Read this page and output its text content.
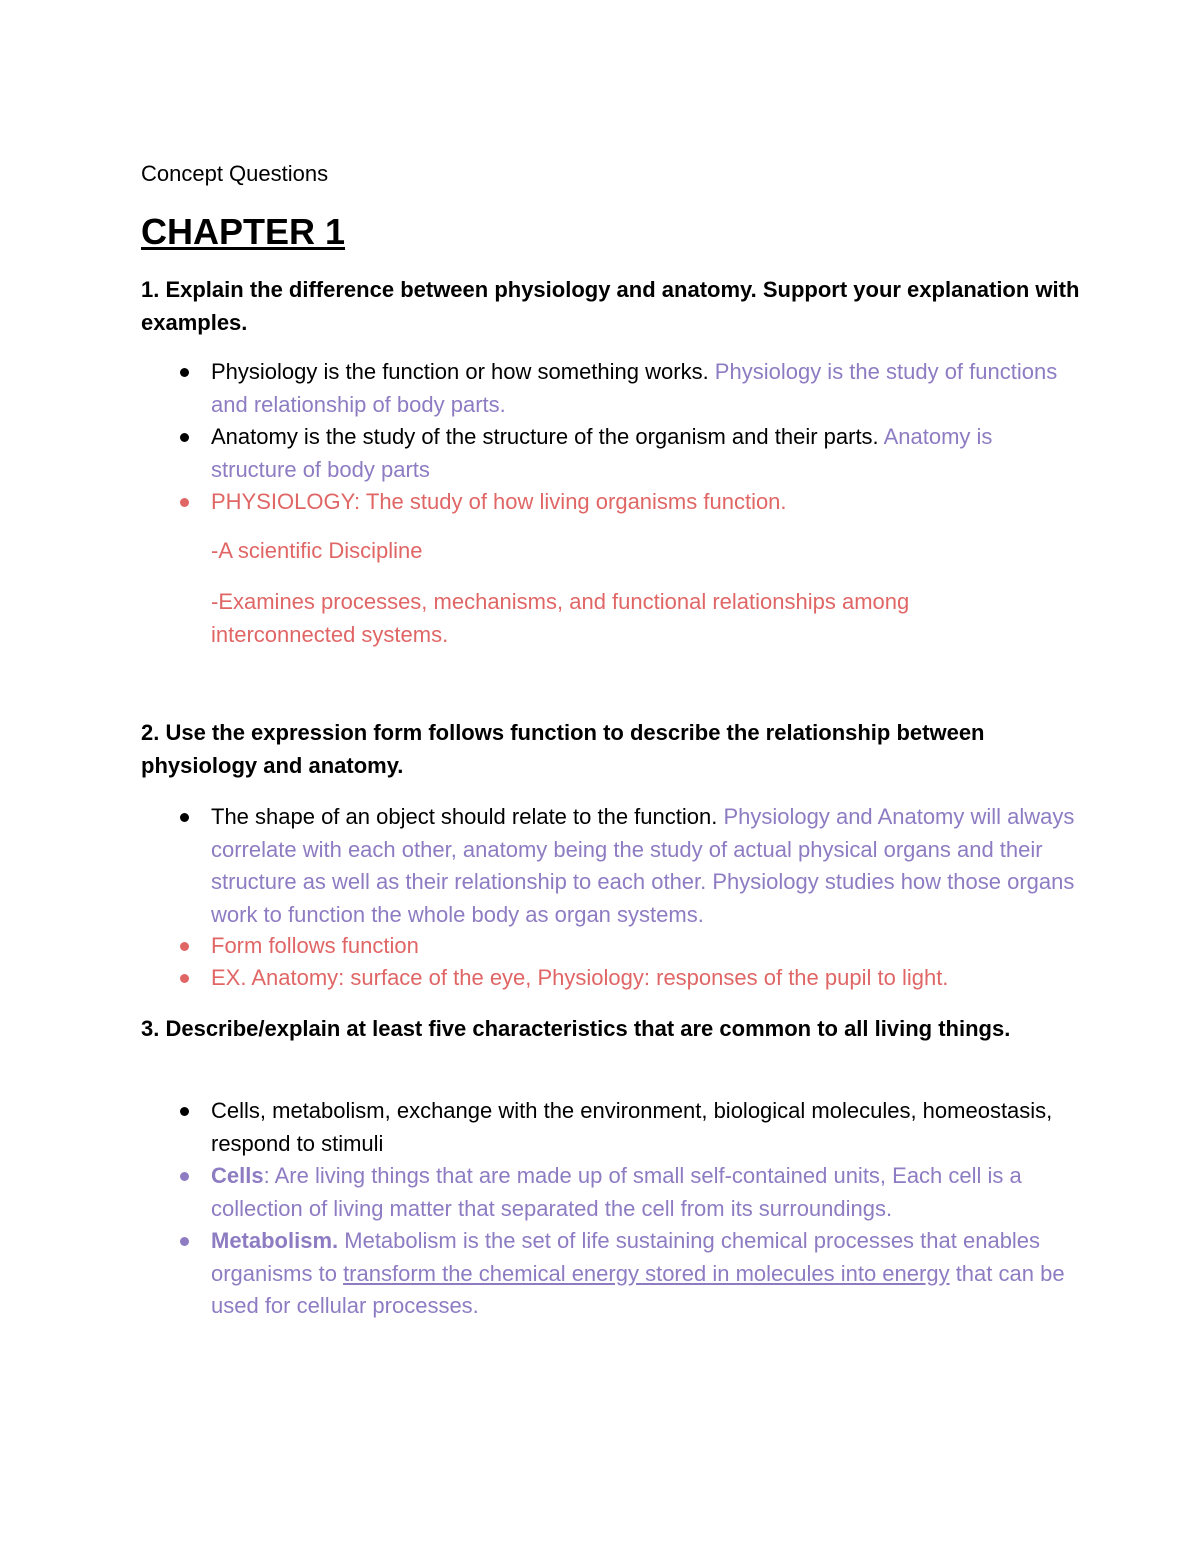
Concept Questions
CHAPTER 1
1. Explain the difference between physiology and anatomy. Support your explanation with examples.
Physiology is the function or how something works. Physiology is the study of functions and relationship of body parts.
Anatomy is the study of the structure of the organism and their parts. Anatomy is structure of body parts
PHYSIOLOGY: The study of how living organisms function.
-A scientific Discipline
-Examines processes, mechanisms, and functional relationships among
interconnected systems.
2. Use the expression form follows function to describe the relationship between physiology and anatomy.
The shape of an object should relate to the function. Physiology and Anatomy will always correlate with each other, anatomy being the study of actual physical organs and their structure as well as their relationship to each other. Physiology studies how those organs work to function the whole body as organ systems.
Form follows function
EX. Anatomy: surface of the eye, Physiology: responses of the pupil to light.
3. Describe/explain at least five characteristics that are common to all living things.
Cells, metabolism, exchange with the environment, biological molecules, homeostasis, respond to stimuli
Cells: Are living things that are made up of small self-contained units, Each cell is a collection of living matter that separated the cell from its surroundings.
Metabolism. Metabolism is the set of life sustaining chemical processes that enables organisms to transform the chemical energy stored in molecules into energy that can be used for cellular processes.
